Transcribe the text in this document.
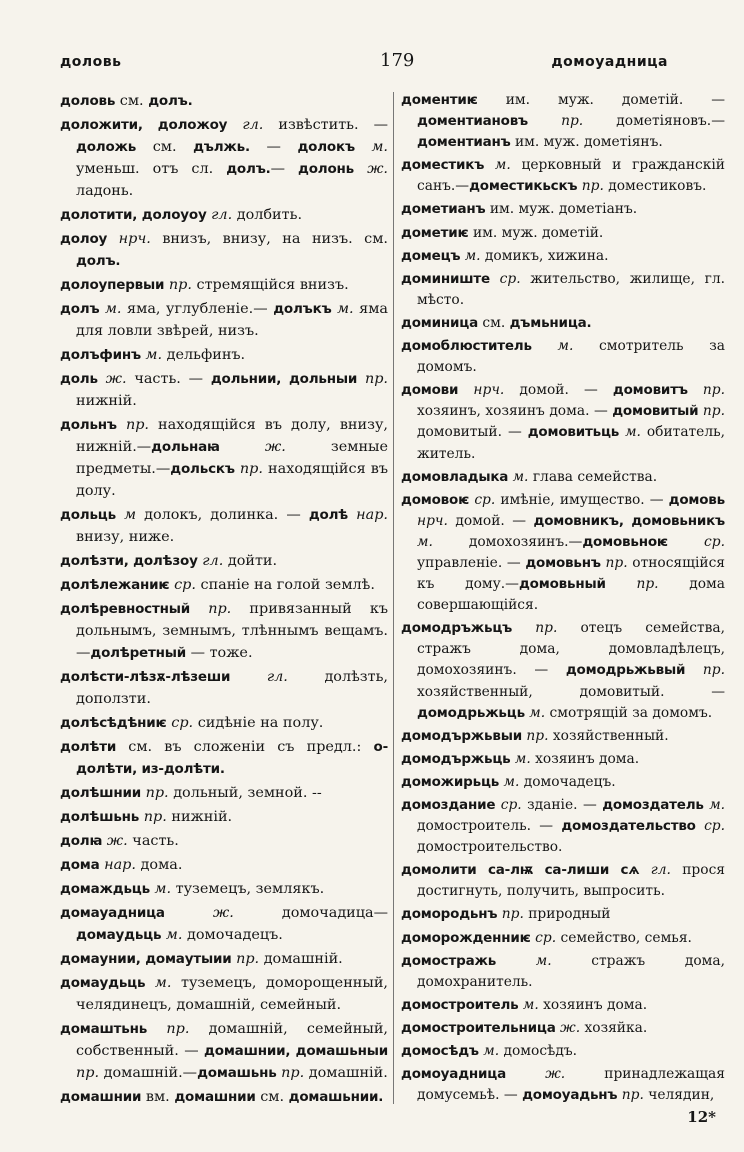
доловь	179	домоуадница
доловь см. долъ.
доложити, доложоу гл. извѣстить. — доложь см. дължь. — долокъ м. уменьш. отъ сл. долъ.— долонь ж. ладонь.
долотити, долоуоу гл. долбить.
долоу нрч. внизъ, внизу, на низъ. см. долъ.
долоупервыи пр. стремящійся внизъ.
долъ м. яма, углубленіе.— долъкъ м. яма для ловли звѣрей, низъ.
долъфинъ м. дельфинъ.
доль ж. часть. — дольнии, дольныи пр. нижній.
дольнъ пр. находящійся въ долу, внизу, нижній.—дольнаꙗ	ж. земные предметы.—дольскъ пр. находящійся въ долу.
дольць м долокъ, долинка. — долѣ нар. внизу, ниже.
долѣзти, долѣзоу гл. дойти.
долѣлежаниѥ ср. спаніе на голой землѣ.
долѣревностный пр. привязанный къ дольнымъ, земнымъ, тлѣннымъ вещамъ.—долѣретный — тоже.
долѣсти-лѣзѫ-лѣзеши	гл. долѣзть, доползти.
долѣсѣдѣниѥ ср. сидѣніе на полу.
долѣти см. въ сложеніи съ предл.: о-долѣти, из-долѣти.
долѣшнии пр. дольный, земной. --
долѣшьнь пр. нижній.
долꙗ ж. часть.
дома нар. дома.
домаждьць м. туземецъ, землякъ.
домауадница	ж. домочадица— домаудьць м. домочадецъ.
домаунии, домаутыии пр. домашній.
домаудьць м. туземецъ, доморощенный, челядинецъ, домашній, семейный.
домаштьнь пр. домашній, семейный, собственный. — домашнии, домашьныи пр. домашній.—домашьнь пр. домашній.
домашнии вм. домашнии см. домашьнии.
доментиѥ им. муж. дометій. — доментиановъ пр. дометіяновъ.—доментианъ им. муж. дометіянъ.
доместикъ м. церковный и гражданскій санъ.—доместикьскъ пр. доместиковъ.
дометианъ им. муж. дометіанъ.
дометиѥ им. муж. дометій.
домецъ м. домикъ, хижина.
доминиште ср. жительство, жилище, гл. мѣсто.
доминица см. дъмьница.
домоблюститель м. смотритель за домомъ.
домови нрч. домой. — домовитъ пр. хозяинъ, хозяинъ дома. — домовитый пр. домовитый. — домовитьць м. обитатель, житель.
домовладыка м. глава семейства.
домовоѥ ср. имѣніе, имущество. — домовь нрч. домой. — домовникъ, домовьникъ м. домохозяинъ.—домовьноѥ	ср. управленіе. — домовьнъ пр. относящійся къ дому.—домовьный пр. дома совершающійся.
домодръжьцъ пр. отецъ семейства, стражъ дома, домовладѣлецъ, домохозяинъ. — домодрьжьвый пр. хозяйственный, домовитый. — домодрьжьць м. смотрящій за домомъ.
домодържьвыи пр. хозяйственный.
домодържьць м. хозяинъ дома.
доможирьць м. домочадецъ.
домоздание ср. зданіе. — домоздатель м. домостроитель. — домоздательство ср. домостроительство.
домолити са-лѭ са-лиши сѧ гл. прося достигнуть, получить, выпросить.
домородьнъ пр. природный
доморожденниѥ ср. семейство, семья.
домостражь	м. стражъ дома, домохранитель.
домостроитель м. хозяинъ дома.
домостроительница ж. хозяйка.
домосѣдъ м. домосѣдъ.
домоуадница	ж. принадлежащая домусемьѣ. — домоуадьнъ пр. челядин,
12*
